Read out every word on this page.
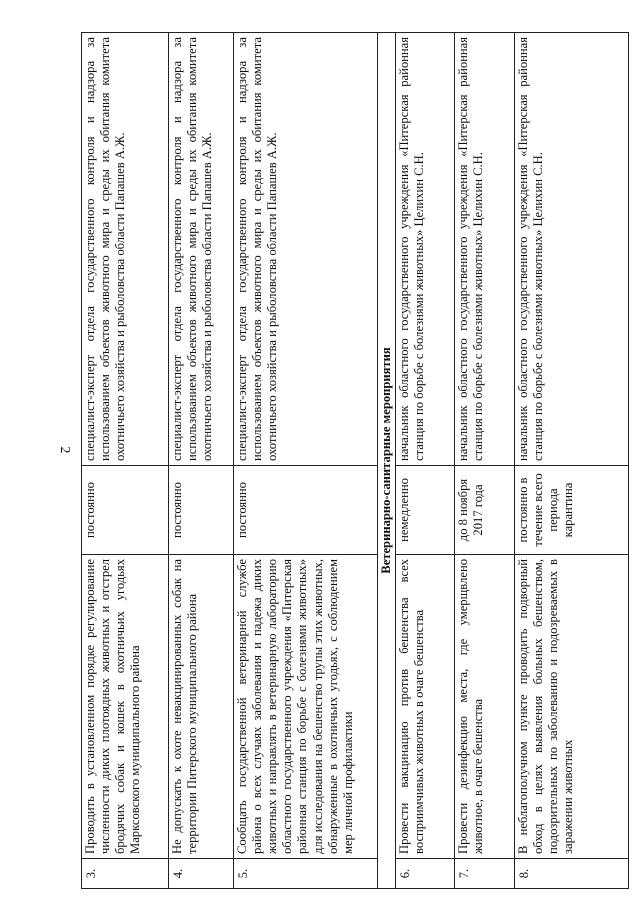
2
3.	Проводить в установленном порядке регулирование численности диких плотоядных животных и отстрел бродячих собак и кошек в охотничьих угодьях Марксовского муниципального района	постоянно	специалист-эксперт отдела государственного контроля и надзора за использованием объектов животного мира и среды их обитания комитета охотничьего хозяйства и рыболовства области Папашев А.Ж.
4.	Не допускать к охоте невакцинированных собак на территории Питерского муниципального района	постоянно	специалист-эксперт отдела государственного контроля и надзора за использованием объектов животного мира и среды их обитания комитета охотничьего хозяйства и рыболовства области Папашев А.Ж.
5.	Сообщать государственной ветеринарной службе района о всех случаях заболевания и падежа диких животных и направлять в ветеринарную лабораторию областного государственного учреждения «Питерская районная станция по борьбе с болезнями животных» для исследования на бешенство трупы этих животных, обнаруженные в охотничьих угодьях, с соблюдением мер личной профилактики	постоянно	специалист-эксперт отдела государственного контроля и надзора за использованием объектов животного мира и среды их обитания комитета охотничьего хозяйства и рыболовства области Папашев А.Ж.
Ветеринарно-санитарные мероприятия			
6.	Провести вакцинацию против бешенства всех восприимчивых животных в очаге бешенства	немедленно	начальник областного государственного учреждения «Питерская районная станция по борьбе с болезнями животных» Целихин С.Н.
7.	Провести дезинфекцию места, где умерщвлено животное, в очаге бешенства	до 8 ноября 2017 года	начальник областного государственного учреждения «Питерская районная станция по борьбе с болезнями животных» Целихин С.Н.
8.	В неблагополучном пункте проводить подворный обход в целях выявления больных бешенством, подозрительных по заболеванию и подозреваемых в заражении животных	постоянно в течение всего периода карантина	начальник областного государственного учреждения «Питерская районная станция по борьбе с болезнями животных» Целихин С.Н.
